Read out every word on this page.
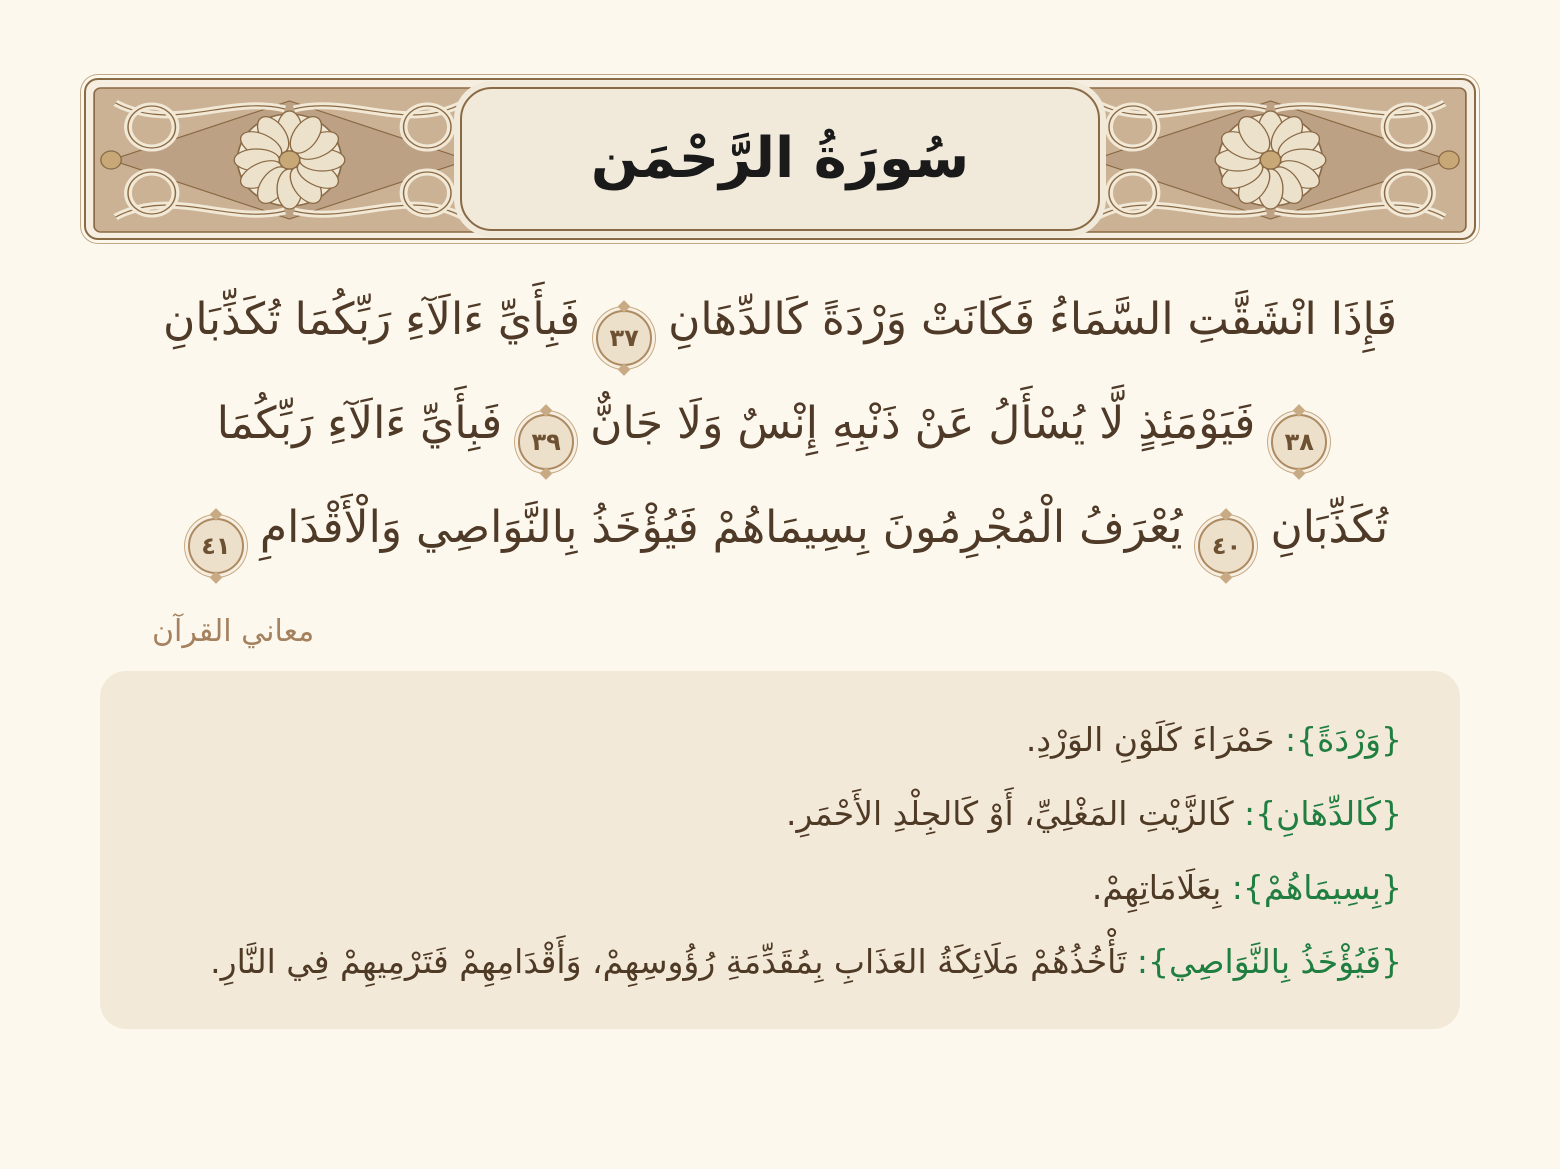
سُورَةُ الرَّحْمَن
فَإِذَا انْشَقَّتِ السَّمَاءُ فَكَانَتْ وَرْدَةً كَالدِّهَانِ
٣٧
فَبِأَيِّ ءَالَآءِ رَبِّكُمَا تُكَذِّبَانِ
٣٨
فَيَوْمَئِذٍ لَّا يُسْأَلُ عَنْ ذَنْبِهِ إِنْسٌ وَلَا جَانٌّ
٣٩
فَبِأَيِّ ءَالَآءِ رَبِّكُمَا
تُكَذِّبَانِ
٤٠
يُعْرَفُ الْمُجْرِمُونَ بِسِيمَاهُمْ فَيُؤْخَذُ بِالنَّوَاصِي وَالْأَقْدَامِ
٤١
معاني القرآن
{وَرْدَةً}: حَمْرَاءَ كَلَوْنِ الوَرْدِ.
{كَالدِّهَانِ}: كَالزَّيْتِ المَغْلِيِّ، أَوْ كَالجِلْدِ الأَحْمَرِ.
{بِسِيمَاهُمْ}: بِعَلَامَاتِهِمْ.
{فَيُؤْخَذُ بِالنَّوَاصِي}: تَأْخُذُهُمْ مَلَائِكَةُ العَذَابِ بِمُقَدِّمَةِ رُؤُوسِهِمْ، وَأَقْدَامِهِمْ فَتَرْمِيهِمْ فِي النَّارِ.
